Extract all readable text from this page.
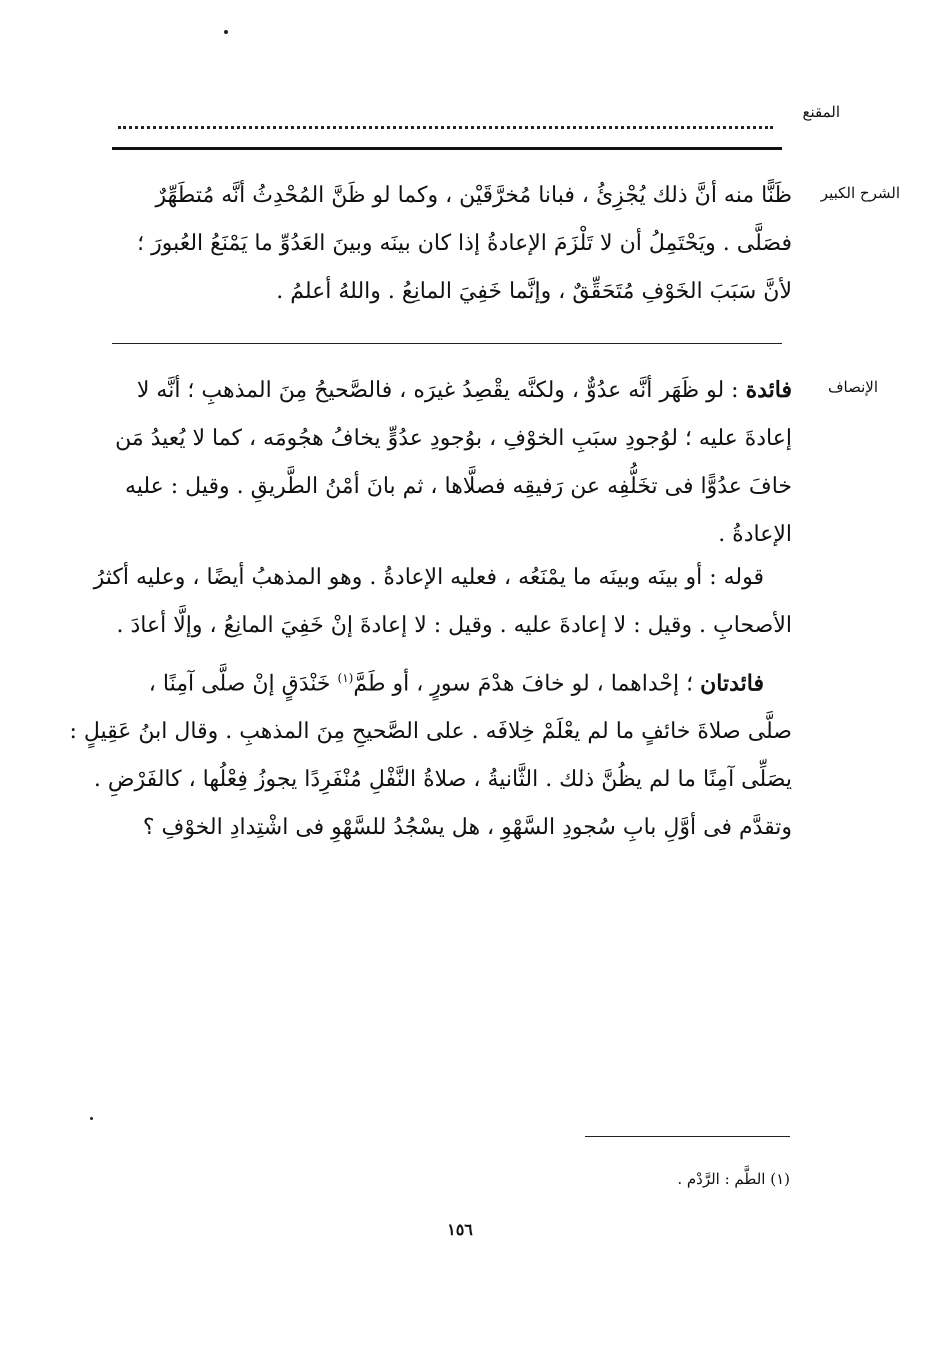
المقنع
الشرح الكبير
ظَنًّا منه أنَّ ذلك يُجْزِئُ ، فبانا مُخرَّقَيْن ، وكما لو ظَنَّ المُحْدِثُ أنَّه مُتطَهِّرٌ
فصَلَّى . ويَحْتَمِلُ أن لا تَلْزَمَ الإعادةُ إذا كان بينَه وبينَ العَدُوِّ ما يَمْنَعُ العُبورَ ؛
لأنَّ سَبَبَ الخَوْفِ مُتَحَقِّقٌ ، وإنَّما خَفِيَ المانِعُ . واللهُ أعلمُ .
الإنصاف
فائدة : لو ظَهَر أنَّه عدُوٌّ ، ولكنَّه يقْصِدُ غيرَه ، فالصَّحيحُ مِنَ المذهبِ ؛ أنَّه لا
إعادةَ عليه ؛ لوُجودِ سبَبِ الخوْفِ ، بوُجودِ عدُوٍّ يخافُ هجُومَه ، كما لا يُعيدُ مَن
خافَ عدُوًّا فى تخَلُّفِه عن رَفيقِه فصلَّاها ، ثم بانَ أمْنُ الطَّريقِ . وقيل : عليه
الإعادةُ .
قوله : أو بينَه وبينَه ما يمْنَعُه ، فعليه الإعادةُ . وهو المذهبُ أيضًا ، وعليه أكثرُ
الأصحابِ . وقيل : لا إعادةَ عليه . وقيل : لا إعادةَ إنْ خَفِيَ المانِعُ ، وإلَّا أعادَ .
فائدتان ؛ إحْداهما ، لو خافَ هدْمَ سورٍ ، أو طَمَّ$^{(١)}$ خَنْدَقٍ إنْ صلَّى آمِنًا ،
صلَّى صلاةَ خائفٍ ما لم يعْلَمْ خِلافَه . على الصَّحيحِ مِنَ المذهبِ . وقال ابنُ عَقِيلٍ :
يصَلِّى آمِنًا ما لم يظُنَّ ذلك . الثَّانيةُ ، صلاةُ النَّفْلِ مُنْفَرِدًا يجوزُ فِعْلُها ، كالفَرْضِ .
وتقدَّم فى أوَّلِ بابِ سُجودِ السَّهْوِ ، هل يسْجُدُ للسَّهْوِ فى اشْتِدادِ الخوْفِ ؟
(١) الطَّم : الرَّدْم .
١٥٦
